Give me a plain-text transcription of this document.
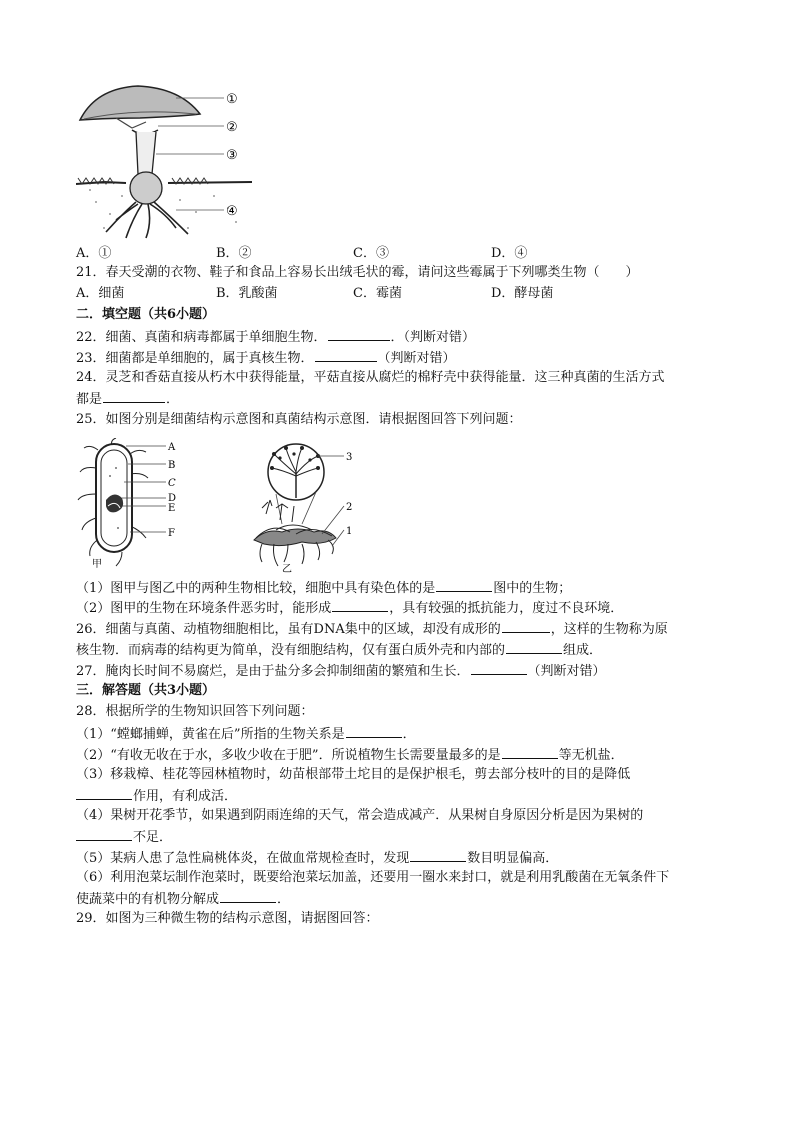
①
②
③
④
A．①	B．②	C．③	D．④
21．春天受潮的衣物、鞋子和食品上容易长出绒毛状的霉，请问这些霉属于下列哪类生物（　　）
A．细菌	B．乳酸菌	C．霉菌	D．酵母菌
二．填空题（共6小题）
22．细菌、真菌和病毒都属于单细胞生物．	．（判断对错）
23．细菌都是单细胞的，属于真核生物．	（判断对错）
24．灵芝和香菇直接从朽木中获得能量，平菇直接从腐烂的棉籽壳中获得能量．这三种真菌的生活方式
都是	．
25．如图分别是细菌结构示意图和真菌结构示意图．请根据图回答下列问题：
A
B
C
D
E
F
甲
3
2
1
乙
（1）图甲与图乙中的两种生物相比较，细胞中具有染色体的是	图中的生物；
（2）图甲的生物在环境条件恶劣时，能形成	，具有较强的抵抗能力，度过不良环境．
26．细菌与真菌、动植物细胞相比，虽有DNA集中的区域，却没有成形的	，这样的生物称为原
核生物．而病毒的结构更为简单，没有细胞结构，仅有蛋白质外壳和内部的	组成．
27．腌肉长时间不易腐烂，是由于盐分多会抑制细菌的繁殖和生长．	（判断对错）
三．解答题（共3小题）
28．根据所学的生物知识回答下列问题：
（1）“螳螂捕蝉，黄雀在后”所指的生物关系是	．
（2）“有收无收在于水，多收少收在于肥”．所说植物生长需要量最多的是	等无机盐．
（3）移栽樟、桂花等园林植物时，幼苗根部带土坨目的是保护根毛，剪去部分枝叶的目的是降低
作用，有利成活．
（4）果树开花季节，如果遇到阴雨连绵的天气，常会造成减产．从果树自身原因分析是因为果树的
不足．
（5）某病人患了急性扁桃体炎，在做血常规检查时，发现	数目明显偏高．
（6）利用泡菜坛制作泡菜时，既要给泡菜坛加盖，还要用一圈水来封口，就是利用乳酸菌在无氧条件下
使蔬菜中的有机物分解成	．
29．如图为三种微生物的结构示意图，请据图回答：
